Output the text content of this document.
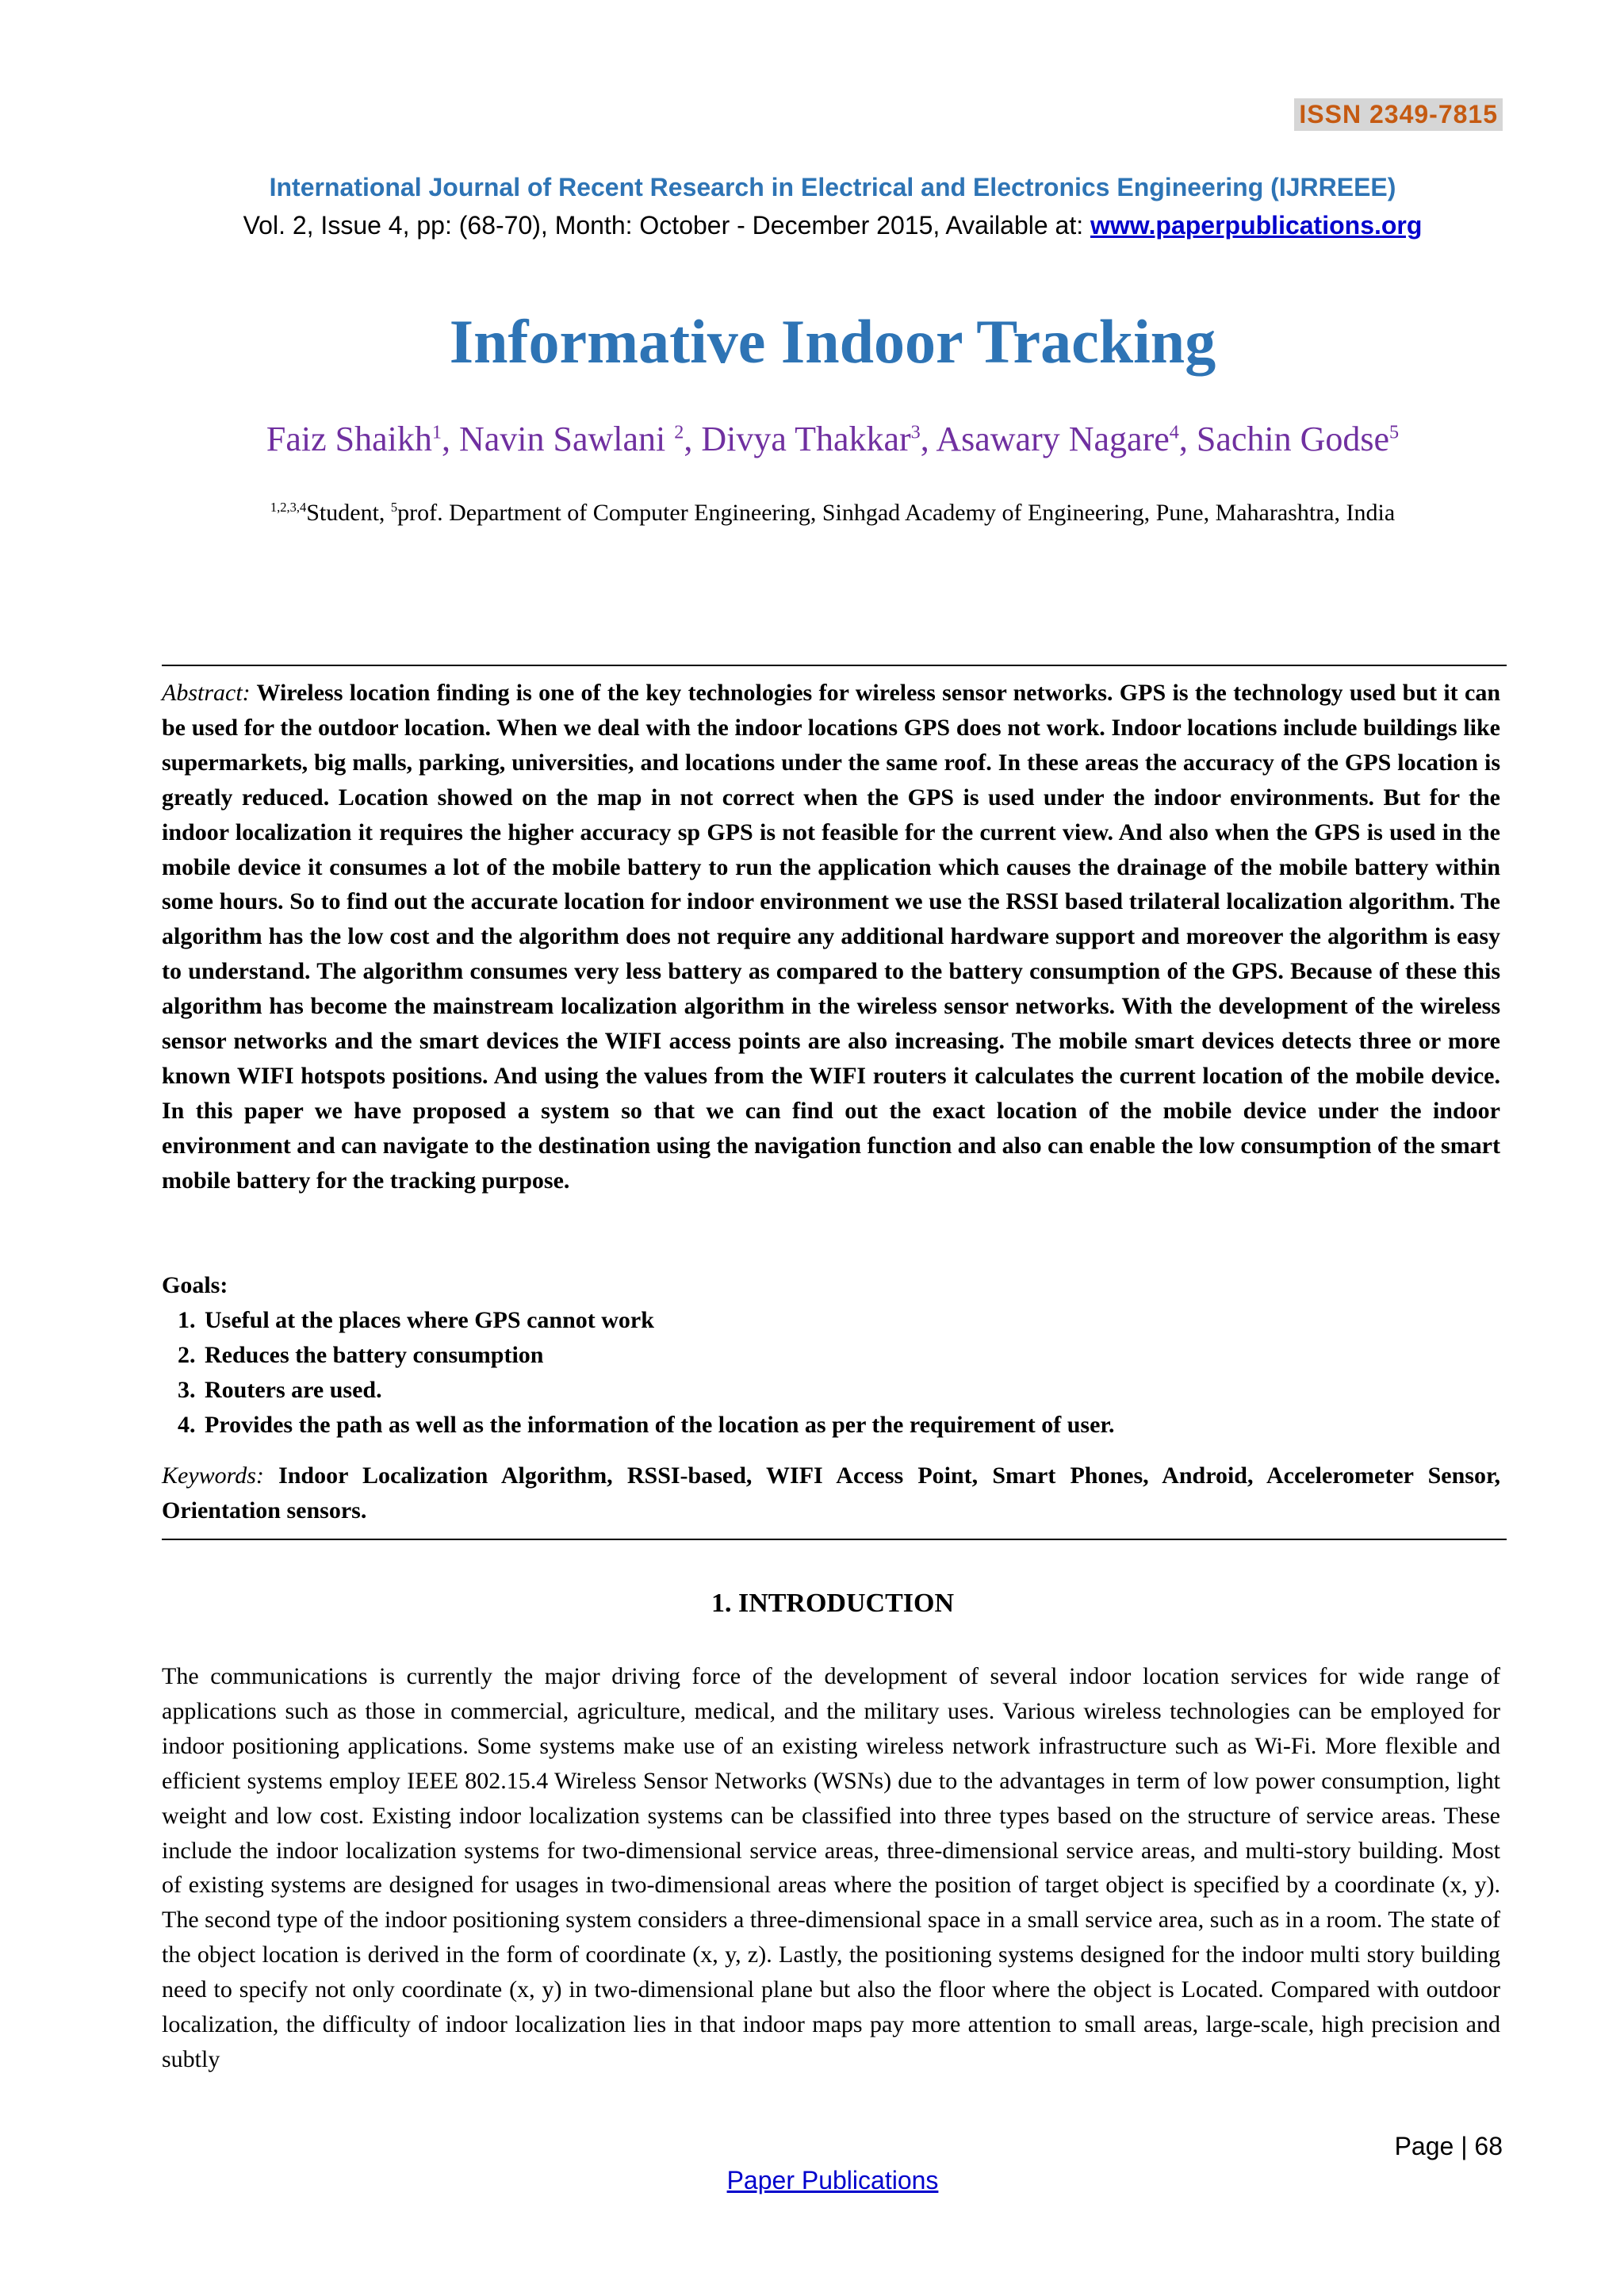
ISSN 2349-7815
International Journal of Recent Research in Electrical and Electronics Engineering (IJRREEE)
Vol. 2, Issue 4, pp: (68-70), Month: October - December 2015, Available at: www.paperpublications.org
Informative Indoor Tracking
Faiz Shaikh$^1$, Navin Sawlani $^2$, Divya Thakkar$^3$, Asawary Nagare$^4$, Sachin Godse$^5$
$^{1,2,3,4}$Student, $^5$prof. Department of Computer Engineering, Sinhgad Academy of Engineering, Pune, Maharashtra, India
Abstract: Wireless location finding is one of the key technologies for wireless sensor networks. GPS is the technology used but it can be used for the outdoor location. When we deal with the indoor locations GPS does not work. Indoor locations include buildings like supermarkets, big malls, parking, universities, and locations under the same roof. In these areas the accuracy of the GPS location is greatly reduced. Location showed on the map in not correct when the GPS is used under the indoor environments. But for the indoor localization it requires the higher accuracy sp GPS is not feasible for the current view. And also when the GPS is used in the mobile device it consumes a lot of the mobile battery to run the application which causes the drainage of the mobile battery within some hours. So to find out the accurate location for indoor environment we use the RSSI based trilateral localization algorithm. The algorithm has the low cost and the algorithm does not require any additional hardware support and moreover the algorithm is easy to understand. The algorithm consumes very less battery as compared to the battery consumption of the GPS. Because of these this algorithm has become the mainstream localization algorithm in the wireless sensor networks. With the development of the wireless sensor networks and the smart devices the WIFI access points are also increasing. The mobile smart devices detects three or more known WIFI hotspots positions. And using the values from the WIFI routers it calculates the current location of the mobile device. In this paper we have proposed a system so that we can find out the exact location of the mobile device under the indoor environment and can navigate to the destination using the navigation function and also can enable the low consumption of the smart mobile battery for the tracking purpose.
Goals:
1. Useful at the places where GPS cannot work
2. Reduces the battery consumption
3. Routers are used.
4. Provides the path as well as the information of the location as per the requirement of user.
Keywords: Indoor Localization Algorithm, RSSI-based, WIFI Access Point, Smart Phones, Android, Accelerometer Sensor, Orientation sensors.
1. INTRODUCTION
The communications is currently the major driving force of the development of several indoor location services for wide range of applications such as those in commercial, agriculture, medical, and the military uses. Various wireless technologies can be employed for indoor positioning applications. Some systems make use of an existing wireless network infrastructure such as Wi-Fi. More flexible and efficient systems employ IEEE 802.15.4 Wireless Sensor Networks (WSNs) due to the advantages in term of low power consumption, light weight and low cost. Existing indoor localization systems can be classified into three types based on the structure of service areas. These include the indoor localization systems for two-dimensional service areas, three-dimensional service areas, and multi-story building. Most of existing systems are designed for usages in two-dimensional areas where the position of target object is specified by a coordinate (x, y). The second type of the indoor positioning system considers a three-dimensional space in a small service area, such as in a room. The state of the object location is derived in the form of coordinate (x, y, z). Lastly, the positioning systems designed for the indoor multi story building need to specify not only coordinate (x, y) in two-dimensional plane but also the floor where the object is Located. Compared with outdoor localization, the difficulty of indoor localization lies in that indoor maps pay more attention to small areas, large-scale, high precision and subtly
Page | 68
Paper Publications
